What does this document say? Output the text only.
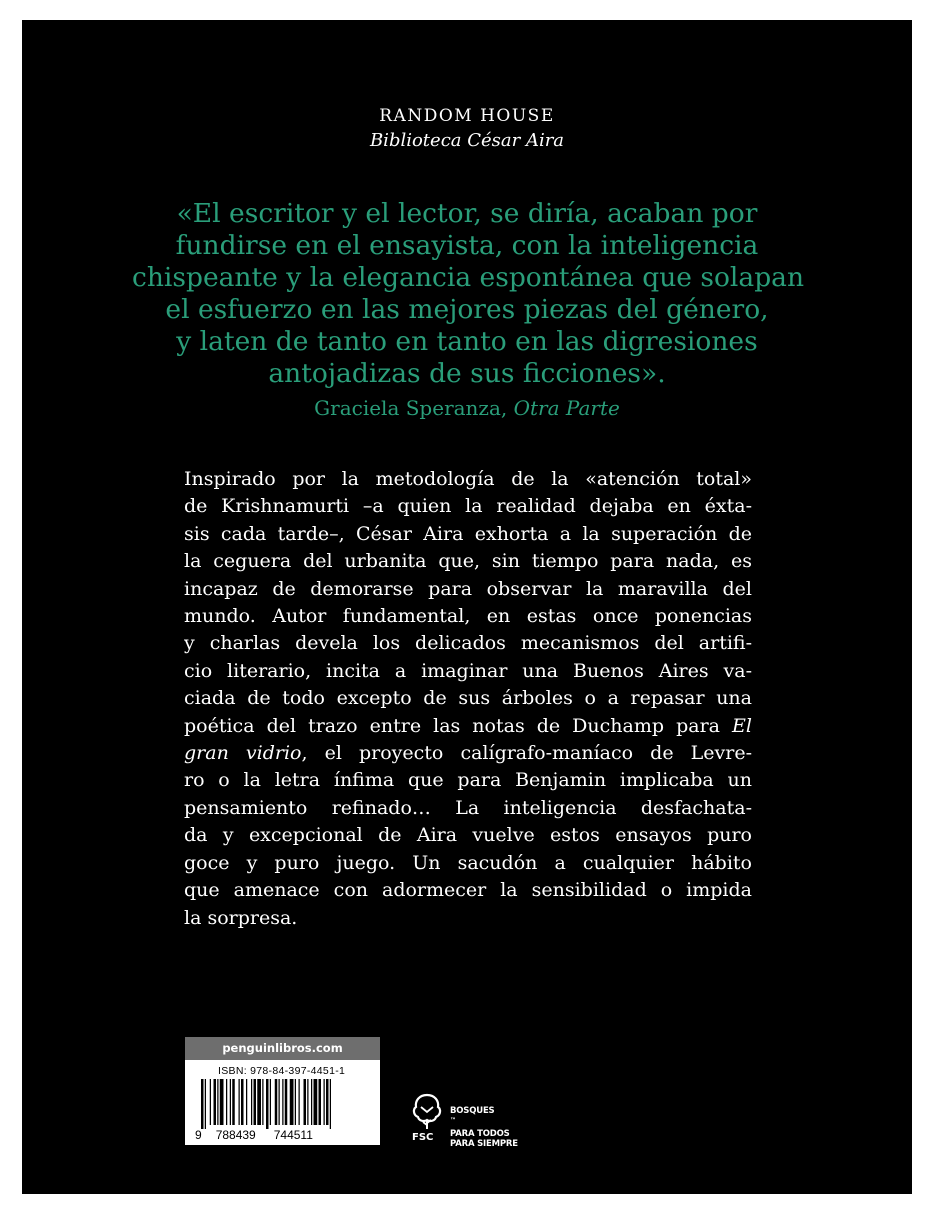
RANDOM HOUSE
Biblioteca César Aira
«El escritor y el lector, se diría, acaban por
fundirse en el ensayista, con la inteligencia
chispeante y la elegancia espontánea que solapan
el esfuerzo en las mejores piezas del género,
y laten de tanto en tanto en las digresiones
antojadizas de sus ficciones».
Graciela Speranza, Otra Parte
Inspirado por la metodología de la «atención total»
de Krishnamurti –a quien la realidad dejaba en éxta-
sis cada tarde–, César Aira exhorta a la superación de
la ceguera del urbanita que, sin tiempo para nada, es
incapaz de demorarse para observar la maravilla del
mundo. Autor fundamental, en estas once ponencias
y charlas devela los delicados mecanismos del artifi-
cio literario, incita a imaginar una Buenos Aires va-
ciada de todo excepto de sus árboles o a repasar una
poética del trazo entre las notas de Duchamp para El
gran vidrio, el proyecto calígrafo-maníaco de Levre-
ro o la letra ínfima que para Benjamin implicaba un
pensamiento refinado… La inteligencia desfachata-
da y excepcional de Aira vuelve estos ensayos puro
goce y puro juego. Un sacudón a cualquier hábito
que amenace con adormecer la sensibilidad o impida
la sorpresa.
penguinlibros.com
ISBN: 978-84-397-4451-1
9 788439 744511	FSC
BOSQUES
™
PARA TODOS
PARA SIEMPRE
